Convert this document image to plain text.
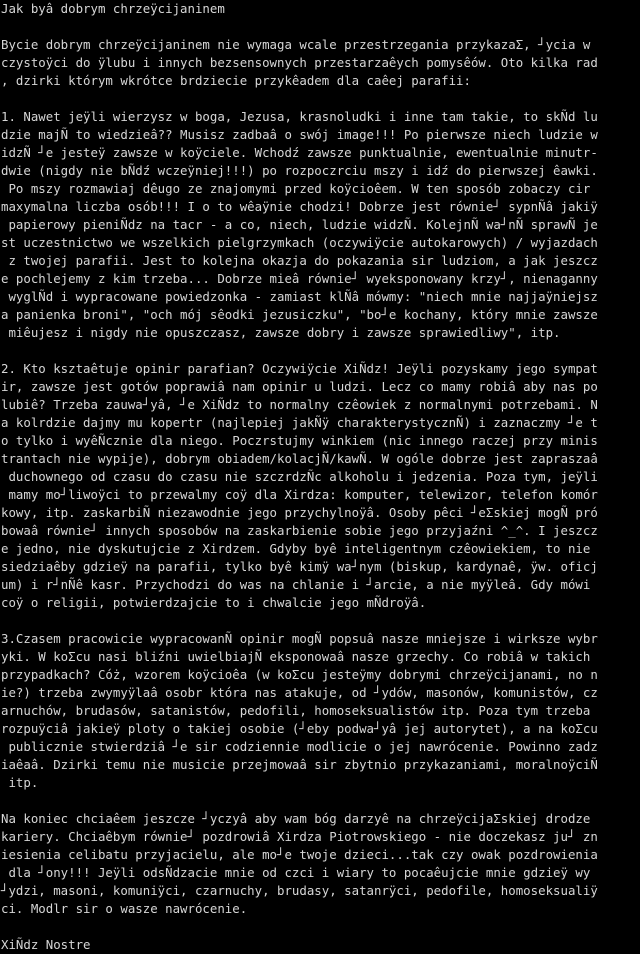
Jak byâ dobrym chrzeÿcijaninem
Bycie dobrym chrzeÿcijaninem nie wymaga wcale przestrzegania przykazaΣ, ┘ycia w
czystoÿci do ÿlubu i innych bezsensownych przestarzaêych pomysêów. Oto kilka rad
, dzirki którym wkrótce brdziecie przykêadem dla caêej parafii:
1. Nawet jeÿli wierzysz w boga, Jezusa, krasnoludki i inne tam takie, to skÑd lu
dzie majÑ to wiedzieâ?? Musisz zadbaâ o swój image!!! Po pierwsze niech ludzie w
idzÑ ┘e jesteÿ zawsze w koÿciele. Wchodź zawsze punktualnie, ewentualnie minutr-
dwie (nigdy nie bÑdź wczeÿniej!!!) po rozpoczrciu mszy i idź do pierwszej êawki.
Po mszy rozmawiaj dêugo ze znajomymi przed koÿcioêem. W ten sposób zobaczy cir
maxymalna liczba osób!!! I o to wêaÿnie chodzi! Dobrze jest równie┘ sypnÑâ jakiÿ
papierowy pieniÑdz na tacr - a co, niech, ludzie widzÑ. KolejnÑ wa┘nÑ sprawÑ je
st uczestnictwo we wszelkich pielgrzymkach (oczywiÿcie autokarowych) / wyjazdach
z twojej parafii. Jest to kolejna okazja do pokazania sir ludziom, a jak jeszcz
e pochlejemy z kim trzeba... Dobrze mieâ równie┘ wyeksponowany krzy┘, nienaganny
wyglÑd i wypracowane powiedzonka - zamiast klÑâ mówmy: "niech mnie najjaÿniejsz
a panienka broni", "och mój sêodki jezusiczku", "bo┘e kochany, który mnie zawsze
miêujesz i nigdy nie opuszczasz, zawsze dobry i zawsze sprawiedliwy", itp.
2. Kto ksztaêtuje opinir parafian? Oczywiÿcie XiÑdz! Jeÿli pozyskamy jego sympat
ir, zawsze jest gotów poprawiâ nam opinir u ludzi. Lecz co mamy robiâ aby nas po
lubiê? Trzeba zauwa┘yâ, ┘e XiÑdz to normalny czêowiek z normalnymi potrzebami. N
a kolrdzie dajmy mu kopertr (najlepiej jakÑÿ charakterystycznÑ) i zaznaczmy ┘e t
o tylko i wyêÑcznie dla niego. Poczrstujmy winkiem (nic innego raczej przy minis
trantach nie wypije), dobrym obiadem/kolacjÑ/kawÑ. W ogóle dobrze jest zapraszaâ
duchownego od czasu do czasu nie szczrdzÑc alkoholu i jedzenia. Poza tym, jeÿli
mamy mo┘liwoÿci to przewalmy coÿ dla Xirdza: komputer, telewizor, telefon komór
kowy, itp. zaskarbiÑ niezawodnie jego przychylnoÿâ. Osoby pêci ┘eΣskiej mogÑ pró
bowaâ równie┘ innych sposobów na zaskarbienie sobie jego przyjaźni ^_^. I jeszcz
e jedno, nie dyskutujcie z Xirdzem. Gdyby byê inteligentnym czêowiekiem, to nie
siedziaêby gdzieÿ na parafii, tylko byê kimÿ wa┘nym (biskup, kardynaê, ÿw. oficj
um) i r┘nÑê kasr. Przychodzi do was na chlanie i ┘arcie, a nie myÿleâ. Gdy mówi
coÿ o religii, potwierdzajcie to i chwalcie jego mÑdroÿâ.
3.Czasem pracowicie wypracowanÑ opinir mogÑ popsuâ nasze mniejsze i wirksze wybr
yki. W koΣcu nasi bliźni uwielbiajÑ eksponowaâ nasze grzechy. Co robiâ w takich
przypadkach? Cóż, wzorem koÿcioêa (w koΣcu jesteÿmy dobrymi chrzeÿcijanami, no n
ie?) trzeba zwymyÿlaâ osobr która nas atakuje, od ┘ydów, masonów, komunistów, cz
arnuchów, brudasów, satanistów, pedofili, homoseksualistów itp. Poza tym trzeba
rozpuÿciâ jakieÿ ploty o takiej osobie (┘eby podwa┘yâ jej autorytet), a na koΣcu
publicznie stwierdziâ ┘e sir codziennie modlicie o jej nawrócenie. Powinno zadz
iaêaâ. Dzirki temu nie musicie przejmowaâ sir zbytnio przykazaniami, moralnoÿciÑ
itp.
Na koniec chciaêem jeszcze ┘yczyâ aby wam bóg darzyê na chrzeÿcijaΣskiej drodze
kariery. Chciaêbym równie┘ pozdrowiâ Xirdza Piotrowskiego - nie doczekasz ju┘ zn
iesienia celibatu przyjacielu, ale mo┘e twoje dzieci...tak czy owak pozdrowienia
dla ┘ony!!! Jeÿli odsÑdzacie mnie od czci i wiary to pocaêujcie mnie gdzieÿ wy
┘ydzi, masoni, komuniÿci, czarnuchy, brudasy, satanrÿci, pedofile, homoseksualiÿ
ci. Modlr sir o wasze nawrócenie.
XiÑdz Nostre
